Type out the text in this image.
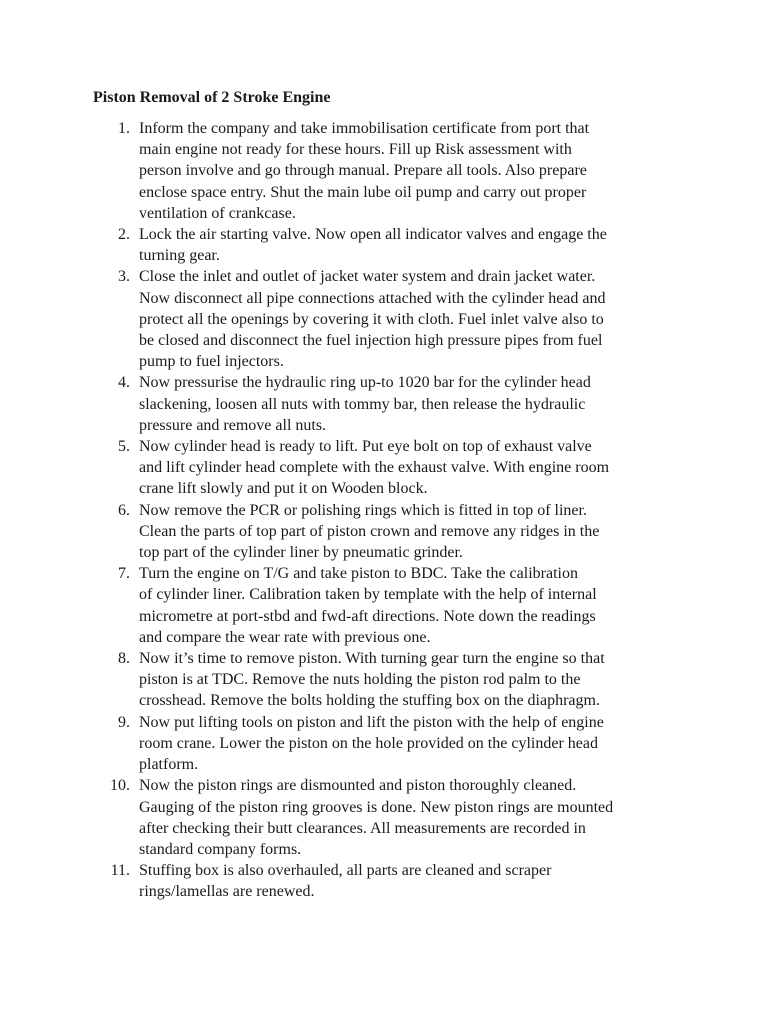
Piston Removal of 2 Stroke Engine
1. Inform the company and take immobilisation certificate from port that
main engine not ready for these hours. Fill up Risk assessment with
person involve and go through manual. Prepare all tools. Also prepare
enclose space entry. Shut the main lube oil pump and carry out proper
ventilation of crankcase.
2. Lock the air starting valve. Now open all indicator valves and engage the
turning gear.
3. Close the inlet and outlet of jacket water system and drain jacket water.
Now disconnect all pipe connections attached with the cylinder head and
protect all the openings by covering it with cloth. Fuel inlet valve also to
be closed and disconnect the fuel injection high pressure pipes from fuel
pump to fuel injectors.
4. Now pressurise the hydraulic ring up-to 1020 bar for the cylinder head
slackening, loosen all nuts with tommy bar, then release the hydraulic
pressure and remove all nuts.
5. Now cylinder head is ready to lift. Put eye bolt on top of exhaust valve
and lift cylinder head complete with the exhaust valve. With engine room
crane lift slowly and put it on Wooden block.
6. Now remove the PCR or polishing rings which is fitted in top of liner.
Clean the parts of top part of piston crown and remove any ridges in the
top part of the cylinder liner by pneumatic grinder.
7. Turn the engine on T/G and take piston to BDC. Take the calibration
of cylinder liner. Calibration taken by template with the help of internal
micrometre at port-stbd and fwd-aft directions. Note down the readings
and compare the wear rate with previous one.
8. Now it’s time to remove piston. With turning gear turn the engine so that
piston is at TDC. Remove the nuts holding the piston rod palm to the
crosshead. Remove the bolts holding the stuffing box on the diaphragm.
9. Now put lifting tools on piston and lift the piston with the help of engine
room crane. Lower the piston on the hole provided on the cylinder head
platform.
10. Now the piston rings are dismounted and piston thoroughly cleaned.
Gauging of the piston ring grooves is done. New piston rings are mounted
after checking their butt clearances. All measurements are recorded in
standard company forms.
11. Stuffing box is also overhauled, all parts are cleaned and scraper
rings/lamellas are renewed.
